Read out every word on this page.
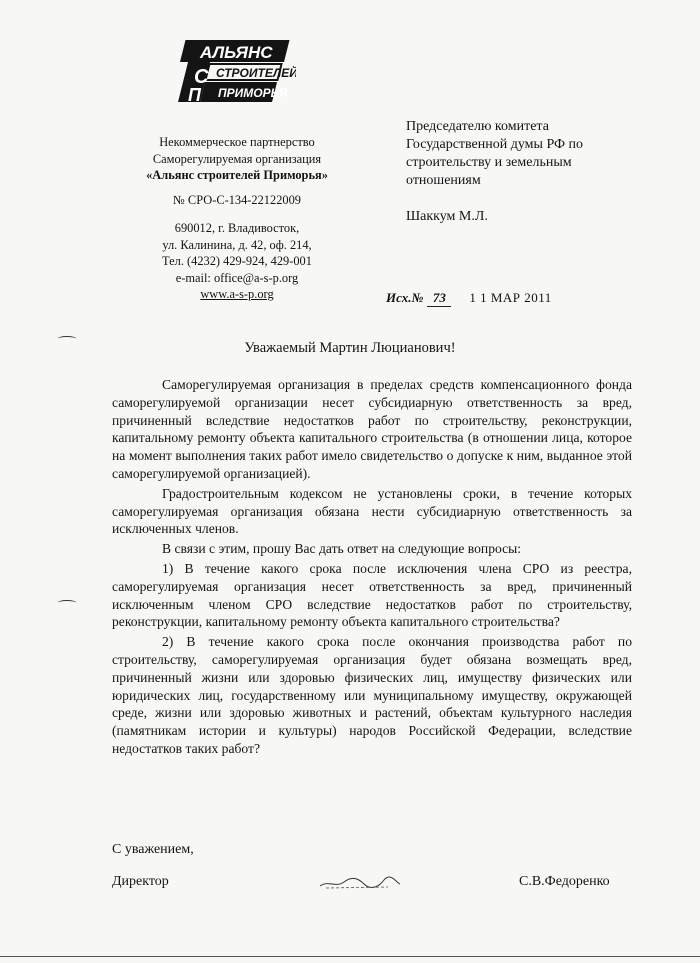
АЛЬЯНС
СТРОИТЕЛЕЙ
ПРИМОРЬЯ
С
П
Некоммерческое партнерство
Саморегулируемая организация
«Альянс строителей Приморья»
№ СРО-С-134-22122009
690012, г. Владивосток,
ул. Калинина, д. 42, оф. 214,
Тел. (4232) 429-924, 429-001
e-mail: office@a-s-p.org
www.a-s-p.org
Председателю комитета
Государственной думы РФ по
строительству и земельным
отношениям
Шаккум М.Л.
Исх.№ 73 1 1 МАР 2011
Уважаемый Мартин Люцианович!

Саморегулируемая организация в пределах средств компенсационного фонда саморегулируемой организации несет субсидиарную ответственность за вред, причиненный вследствие недостатков работ по строительству, реконструкции, капитальному ремонту объекта капитального строительства (в отношении лица, которое на момент выполнения таких работ имело свидетельство о допуске к ним, выданное этой саморегулируемой организацией).

Градостроительным кодексом не установлены сроки, в течение которых саморегулируемая организация обязана нести субсидиарную ответственность за исключенных членов.

В связи с этим, прошу Вас дать ответ на следующие вопросы:

1) В течение какого срока после исключения члена СРО из реестра, саморегулируемая организация несет ответственность за вред, причиненный исключенным членом СРО вследствие недостатков работ по строительству, реконструкции, капитальному ремонту объекта капитального строительства?

2) В течение какого срока после окончания производства работ по строительству, саморегулируемая организация будет обязана возмещать вред, причиненный жизни или здоровью физических лиц, имуществу физических или юридических лиц, государственному или муниципальному имуществу, окружающей среде, жизни или здоровью животных и растений, объектам культурного наследия (памятникам истории и культуры) народов Российской Федерации, вследствие недостатков таких работ?

С уважением,
Директор	С.В.Федоренко
